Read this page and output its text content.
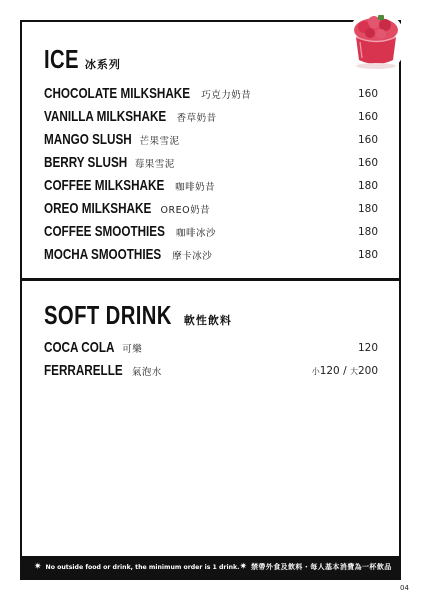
ICE 冰系列
CHOCOLATE MILKSHAKE 巧克力奶昔	160
VANILLA MILKSHAKE 香草奶昔	160
MANGO SLUSH 芒果雪泥	160
BERRY SLUSH 莓果雪泥	160
COFFEE MILKSHAKE 咖啡奶昔	180
OREO MILKSHAKE OREO奶昔	180
COFFEE SMOOTHIES 咖啡冰沙	180
MOCHA SMOOTHIES 摩卡冰沙	180
SOFT DRINK 軟性飲料
COCA COLA 可樂	120
FERRARELLE 氣泡水	小120 / 大200
✷ No outside food or drink, the minimum order is 1 drink. ✷ 禁帶外食及飲料・每人基本消費為一杯飲品
04
